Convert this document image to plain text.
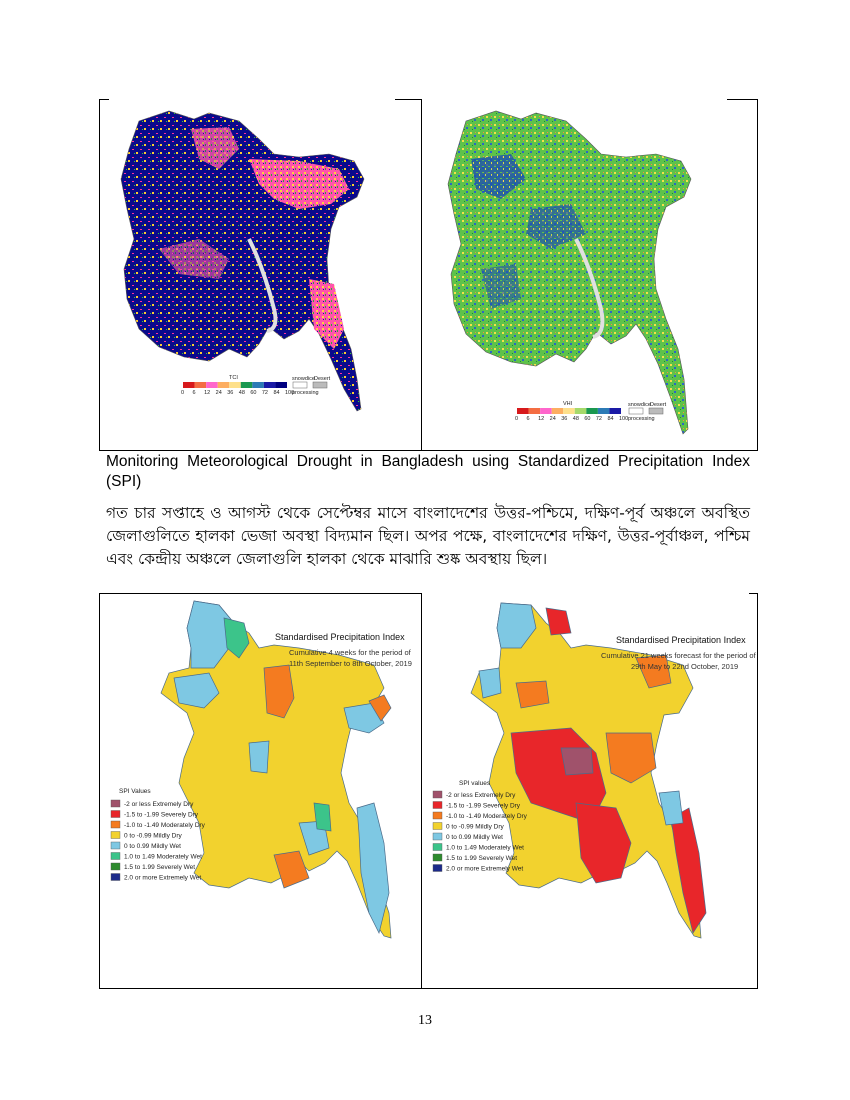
0 6 12 24 36 48 60 72 84 100
TCI	snowdice Desert
processing
0 6 12 24 36 48 60 72 84 100
VHI	snowdice Desert
processing
Monitoring Meteorological Drought in Bangladesh using Standardized Precipitation Index (SPI)
গত চার সপ্তাহে ও আগস্ট থেকে সেপ্টেম্বর মাসে বাংলাদেশের উত্তর-পশ্চিমে, দক্ষিণ-পূর্ব অঞ্চলে অবস্থিত জেলাগুলিতে হালকা ভেজা অবস্থা বিদ্যমান ছিল। অপর পক্ষে, বাংলাদেশের দক্ষিণ, উত্তর-পূর্বাঞ্চল, পশ্চিম এবং কেন্দ্রীয় অঞ্চলে জেলাগুলি হালকা থেকে মাঝারি শুষ্ক অবস্থায় ছিল।
Standardised Precipitation Index
Cumulative 4 weeks for the period of
11th September to 8th October, 2019
SPI Values
-2 or less Extremely Dry
-1.5 to -1.99 Severely Dry
-1.0 to -1.49 Moderately Dry
0 to -0.99 Mildly Dry
0 to 0.99 Mildly Wet
1.0 to 1.49 Moderately Wet
1.5 to 1.99 Severely Wet
2.0 or more Extremely Wet
Standardised Precipitation Index
Cumulative 21 weeks forecast for the period of
29th May to 22nd October, 2019
SPI values
-2 or less Extremely Dry
-1.5 to -1.99 Severely Dry
-1.0 to -1.49 Moderately Dry
0 to -0.99 Mildly Dry
0 to 0.99 Mildly Wet
1.0 to 1.49 Moderately Wet
1.5 to 1.99 Severely Wet
2.0 or more Extremely Wet
13
